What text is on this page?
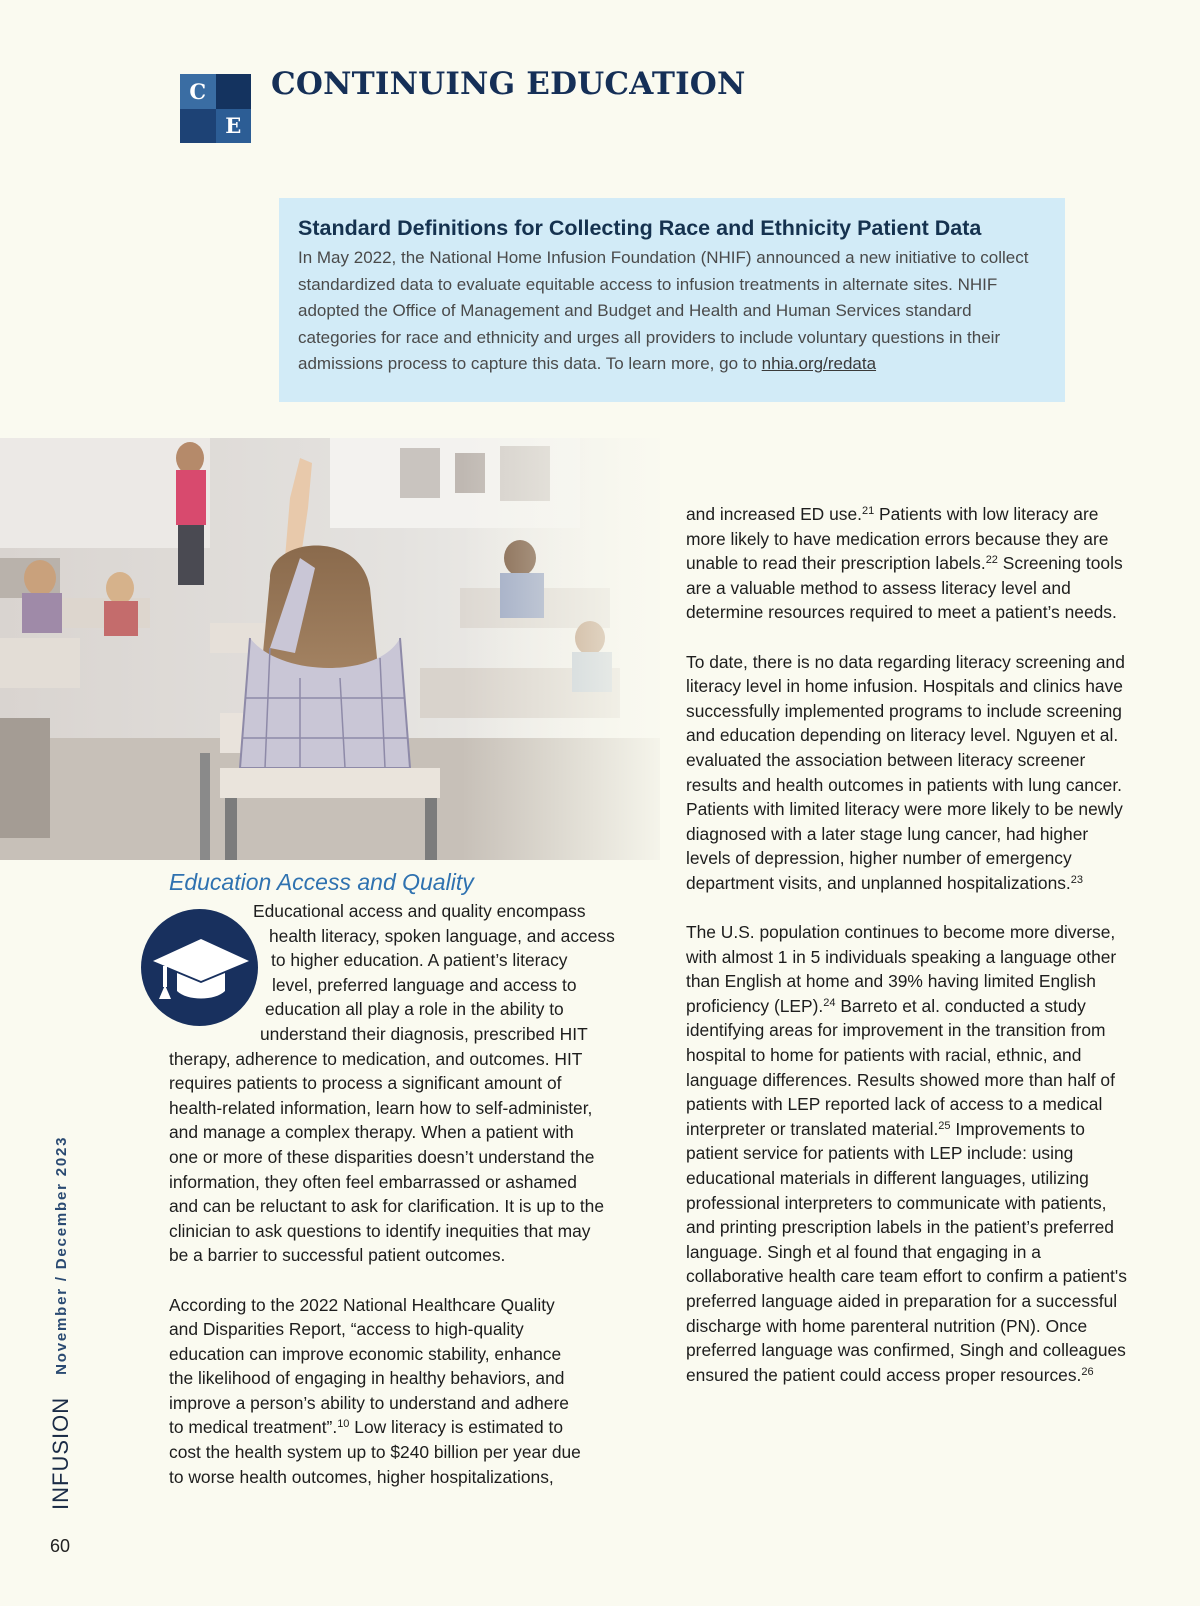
C
E
CONTINUING EDUCATION
Standard Definitions for Collecting Race and Ethnicity Patient Data

In May 2022, the National Home Infusion Foundation (NHIF) announced a new initiative to collect standardized data to evaluate equitable access to infusion treatments in alternate sites. NHIF adopted the Office of Management and Budget and Health and Human Services standard categories for race and ethnicity and urges all providers to include voluntary questions in their admissions process to capture this data. To learn more, go to nhia.org/redata

Education Access and Quality
Educational access and quality encompass
health literacy, spoken language, and access
to higher education. A patient’s literacy
level, preferred language and access to
education all play a role in the ability to
understand their diagnosis, prescribed HIT
therapy, adherence to medication, and outcomes. HIT
requires patients to process a significant amount of
health-related information, learn how to self-administer,
and manage a complex therapy. When a patient with
one or more of these disparities doesn’t understand the
information, they often feel embarrassed or ashamed
and can be reluctant to ask for clarification. It is up to the
clinician to ask questions to identify inequities that may
be a barrier to successful patient outcomes.
According to the 2022 National Healthcare Quality
and Disparities Report, “access to high-quality
education can improve economic stability, enhance
the likelihood of engaging in healthy behaviors, and
improve a person’s ability to understand and adhere
to medical treatment”.$^{10}$ Low literacy is estimated to
cost the health system up to $240 billion per year due
to worse health outcomes, higher hospitalizations,

and increased ED use.$^{21}$ Patients with low literacy are more likely to have medication errors because they are unable to read their prescription labels.$^{22}$ Screening tools are a valuable method to assess literacy level and determine resources required to meet a patient’s needs.

To date, there is no data regarding literacy screening and literacy level in home infusion. Hospitals and clinics have successfully implemented programs to include screening and education depending on literacy level. Nguyen et al. evaluated the association between literacy screener results and health outcomes in patients with lung cancer. Patients with limited literacy were more likely to be newly diagnosed with a later stage lung cancer, had higher levels of depression, higher number of emergency department visits, and unplanned hospitalizations.$^{23}$

The U.S. population continues to become more diverse, with almost 1 in 5 individuals speaking a language other than English at home and 39% having limited English proficiency (LEP).$^{24}$ Barreto et al. conducted a study identifying areas for improvement in the transition from hospital to home for patients with racial, ethnic, and language differences. Results showed more than half of patients with LEP reported lack of access to a medical interpreter or translated material.$^{25}$ Improvements to patient service for patients with LEP include: using educational materials in different languages, utilizing professional interpreters to communicate with patients, and printing prescription labels in the patient’s preferred language. Singh et al found that engaging in a collaborative health care team effort to confirm a patient's preferred language aided in preparation for a successful discharge with home parenteral nutrition (PN). Once preferred language was confirmed, Singh and colleagues ensured the patient could access proper resources.$^{26}$

INFUSION
November / December 2023
60
